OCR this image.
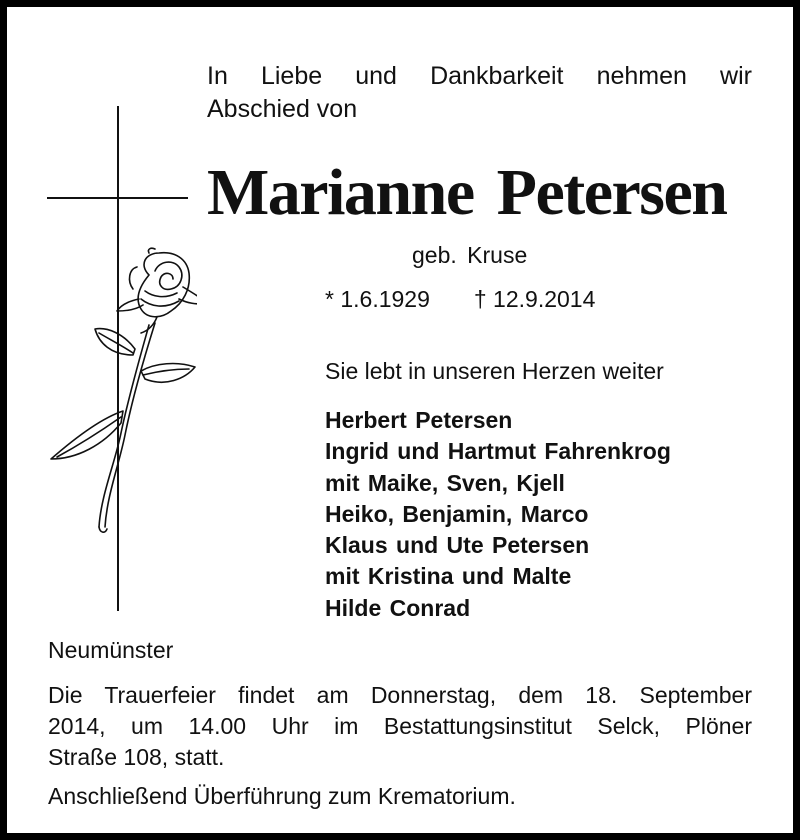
In Liebe und Dankbarkeit nehmen wir
Abschied von
Marianne Petersen
geb. Kruse
* 1.6.1929 † 12.9.2014
Sie lebt in unseren Herzen weiter
Herbert Petersen
Ingrid und Hartmut Fahrenkrog
mit Maike, Sven, Kjell
Heiko, Benjamin, Marco
Klaus und Ute Petersen
mit Kristina und Malte
Hilde Conrad
Neumünster
Die Trauerfeier findet am Donnerstag, dem 18. September
2014, um 14.00 Uhr im Bestattungsinstitut Selck, Plöner
Straße 108, statt.
Anschließend Überführung zum Krematorium.
